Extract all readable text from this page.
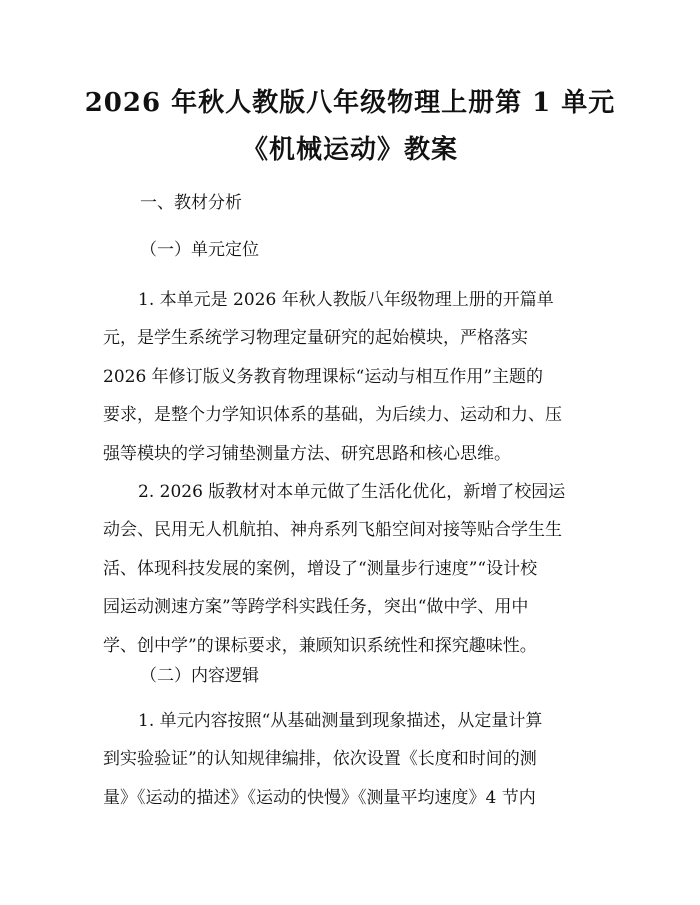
2026 年秋人教版八年级物理上册第 1 单元
《机械运动》教案

一、教材分析

（一）单元定位

1. 本单元是 2026 年秋人教版八年级物理上册的开篇单
元，是学生系统学习物理定量研究的起始模块，严格落实
2026 年修订版义务教育物理课标“运动与相互作用”主题的
要求，是整个力学知识体系的基础，为后续力、运动和力、压
强等模块的学习铺垫测量方法、研究思路和核心思维。
2. 2026 版教材对本单元做了生活化优化，新增了校园运
动会、民用无人机航拍、神舟系列飞船空间对接等贴合学生生
活、体现科技发展的案例，增设了“测量步行速度”“设计校
园运动测速方案”等跨学科实践任务，突出“做中学、用中
学、创中学”的课标要求，兼顾知识系统性和探究趣味性。

（二）内容逻辑

1. 单元内容按照“从基础测量到现象描述，从定量计算
到实验验证”的认知规律编排，依次设置《长度和时间的测
量》《运动的描述》《运动的快慢》《测量平均速度》4 节内
